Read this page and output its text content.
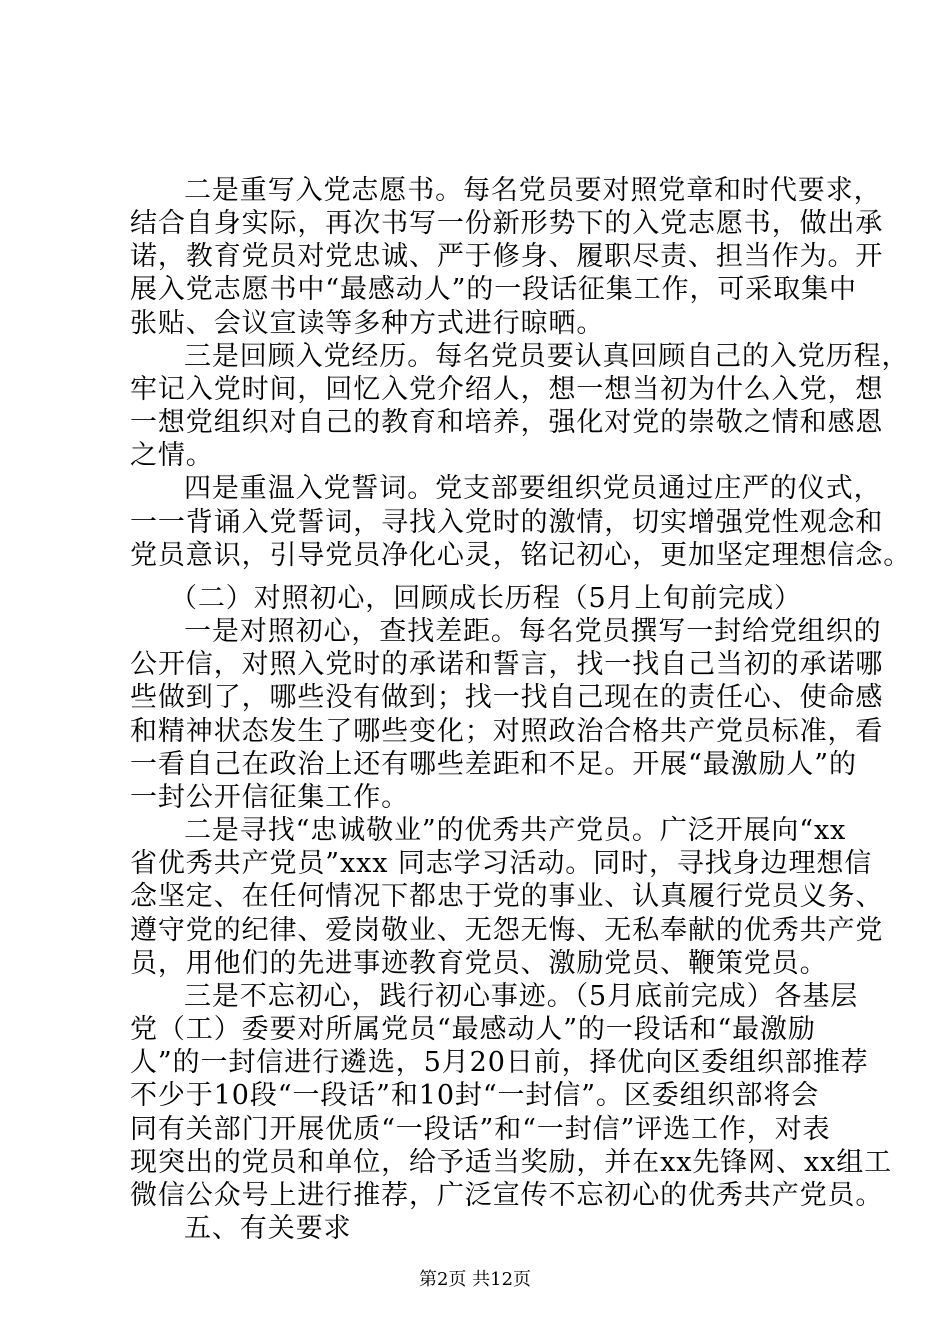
二是重写入党志愿书。每名党员要对照党章和时代要求，
结合自身实际，再次书写一份新形势下的入党志愿书，做出承
诺，教育党员对党忠诚、严于修身、履职尽责、担当作为。开
展入党志愿书中“最感动人”的一段话征集工作，可采取集中
张贴、会议宣读等多种方式进行晾晒。
三是回顾入党经历。每名党员要认真回顾自己的入党历程，
牢记入党时间，回忆入党介绍人，想一想当初为什么入党，想
一想党组织对自己的教育和培养，强化对党的崇敬之情和感恩
之情。
四是重温入党誓词。党支部要组织党员通过庄严的仪式，
一一背诵入党誓词，寻找入党时的激情，切实增强党性观念和
党员意识，引导党员净化心灵，铭记初心，更加坚定理想信念。
（二）对照初心，回顾成长历程（5月上旬前完成）
一是对照初心，查找差距。每名党员撰写一封给党组织的
公开信，对照入党时的承诺和誓言，找一找自己当初的承诺哪
些做到了，哪些没有做到；找一找自己现在的责任心、使命感
和精神状态发生了哪些变化；对照政治合格共产党员标准，看
一看自己在政治上还有哪些差距和不足。开展“最激励人”的
一封公开信征集工作。
二是寻找“忠诚敬业”的优秀共产党员。广泛开展向“xx
省优秀共产党员”xxx 同志学习活动。同时，寻找身边理想信
念坚定、在任何情况下都忠于党的事业、认真履行党员义务、
遵守党的纪律、爱岗敬业、无怨无悔、无私奉献的优秀共产党
员，用他们的先进事迹教育党员、激励党员、鞭策党员。
三是不忘初心，践行初心事迹。（5月底前完成）各基层
党（工）委要对所属党员“最感动人”的一段话和“最激励
人”的一封信进行遴选，5月20日前，择优向区委组织部推荐
不少于10段“一段话”和10封“一封信”。区委组织部将会
同有关部门开展优质“一段话”和“一封信”评选工作，对表
现突出的党员和单位，给予适当奖励，并在xx先锋网、xx组工
微信公众号上进行推荐，广泛宣传不忘初心的优秀共产党员。
五、有关要求
第2页 共12页
